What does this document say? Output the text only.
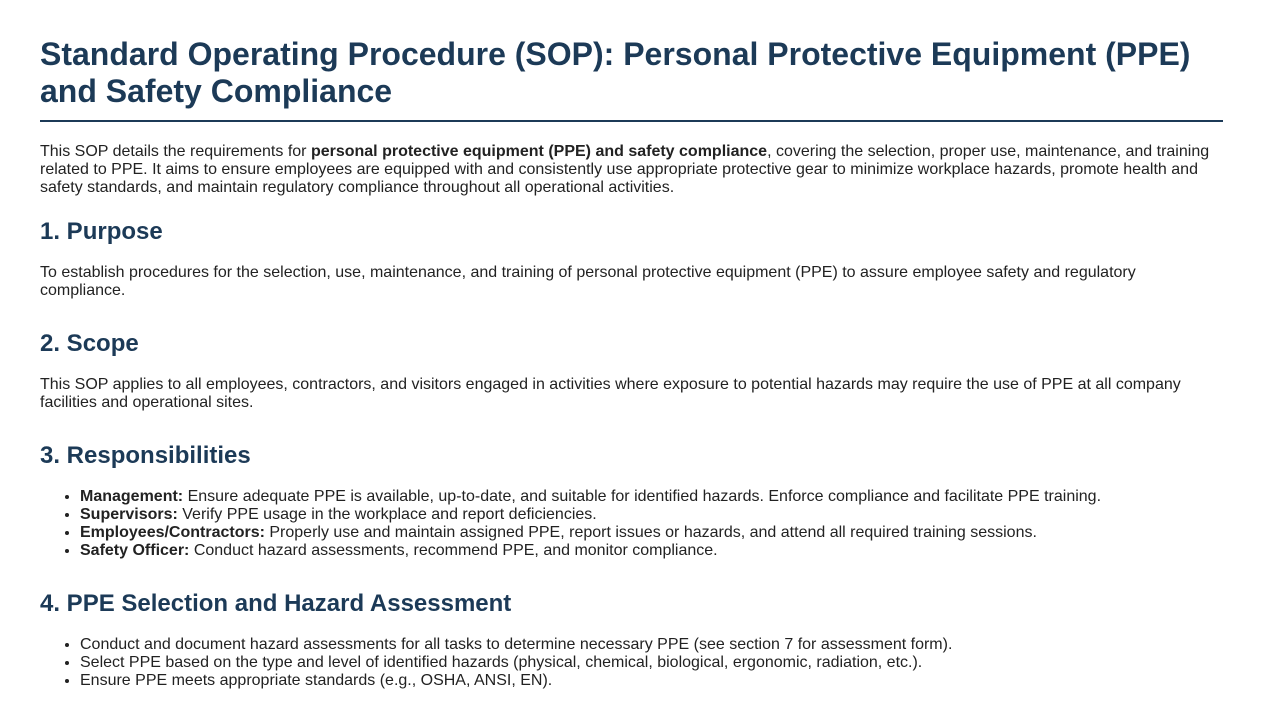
Standard Operating Procedure (SOP): Personal Protective Equipment (PPE) and Safety Compliance

This SOP details the requirements for personal protective equipment (PPE) and safety compliance, covering the selection, proper use, maintenance, and training related to PPE. It aims to ensure employees are equipped with and consistently use appropriate protective gear to minimize workplace hazards, promote health and safety standards, and maintain regulatory compliance throughout all operational activities.

1. Purpose

To establish procedures for the selection, use, maintenance, and training of personal protective equipment (PPE) to assure employee safety and regulatory compliance.

2. Scope

This SOP applies to all employees, contractors, and visitors engaged in activities where exposure to potential hazards may require the use of PPE at all company facilities and operational sites.

3. Responsibilities
• Management: Ensure adequate PPE is available, up-to-date, and suitable for identified hazards. Enforce compliance and facilitate PPE training.
• Supervisors: Verify PPE usage in the workplace and report deficiencies.
• Employees/Contractors: Properly use and maintain assigned PPE, report issues or hazards, and attend all required training sessions.
• Safety Officer: Conduct hazard assessments, recommend PPE, and monitor compliance.
4. PPE Selection and Hazard Assessment
• Conduct and document hazard assessments for all tasks to determine necessary PPE (see section 7 for assessment form).
• Select PPE based on the type and level of identified hazards (physical, chemical, biological, ergonomic, radiation, etc.).
• Ensure PPE meets appropriate standards (e.g., OSHA, ANSI, EN).
